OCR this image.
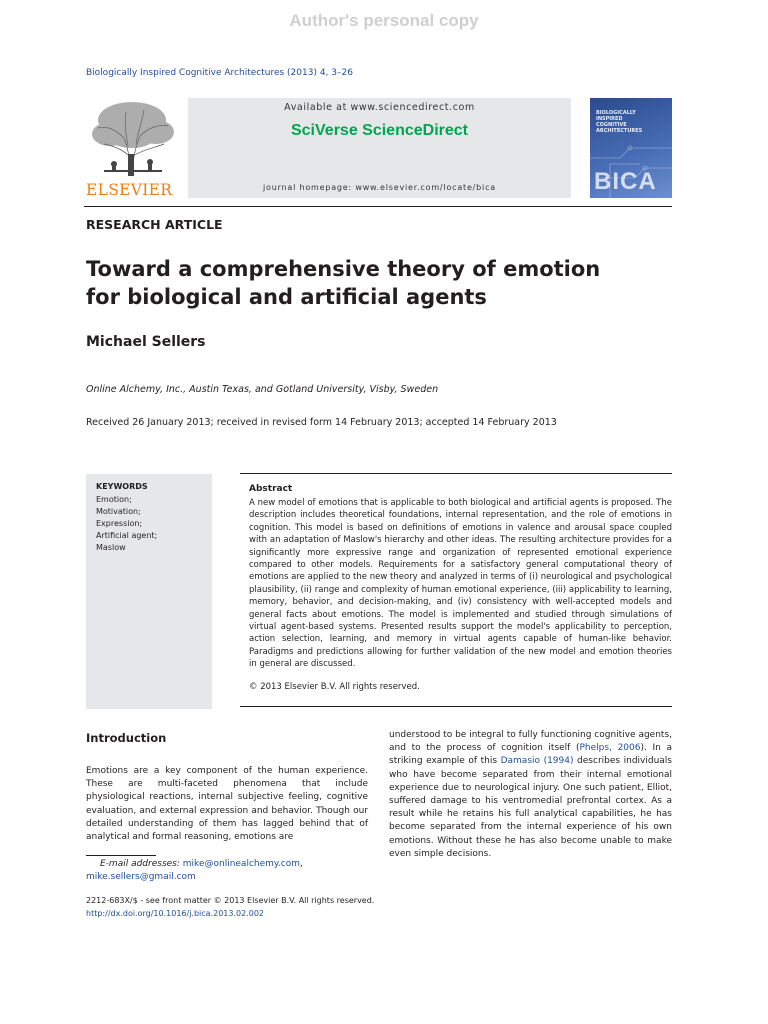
Author's personal copy
Biologically Inspired Cognitive Architectures (2013) 4, 3–26
ELSEVIER
Available at www.sciencedirect.com
SciVerse ScienceDirect
journal homepage: www.elsevier.com/locate/bica
BIOLOGICALLY
INSPIRED
COGNITIVE
ARCHITECTURES
BICA
RESEARCH ARTICLE
Toward a comprehensive theory of emotion
for biological and artificial agents
Michael Sellers
Online Alchemy, Inc., Austin Texas, and Gotland University, Visby, Sweden
Received 26 January 2013; received in revised form 14 February 2013; accepted 14 February 2013
KEYWORDS
Emotion;
Motivation;
Expression;
Artificial agent;
Maslow
Abstract
A new model of emotions that is applicable to both biological and artificial agents is proposed. The description includes theoretical foundations, internal representation, and the role of emotions in cognition. This model is based on definitions of emotions in valence and arousal space coupled with an adaptation of Maslow's hierarchy and other ideas. The resulting architecture provides for a significantly more expressive range and organization of represented emotional experience compared to other models. Requirements for a satisfactory general computational theory of emotions are applied to the new theory and analyzed in terms of (i) neurological and psychological plausibility, (ii) range and complexity of human emotional experience, (iii) applicability to learning, memory, behavior, and decision-making, and (iv) consistency with well-accepted models and general facts about emotions. The model is implemented and studied through simulations of virtual agent-based systems. Presented results support the model's applicability to perception, action selection, learning, and memory in virtual agents capable of human-like behavior. Paradigms and predictions allowing for further validation of the new model and emotion theories in general are discussed.
© 2013 Elsevier B.V. All rights reserved.
Introduction
Emotions are a key component of the human experience. These are multi-faceted phenomena that include physiological reactions, internal subjective feeling, cognitive evaluation, and external expression and behavior. Though our detailed understanding of them has lagged behind that of analytical and formal reasoning, emotions are
understood to be integral to fully functioning cognitive agents, and to the process of cognition itself (Phelps, 2006). In a striking example of this Damasio (1994) describes individuals who have become separated from their internal emotional experience due to neurological injury. One such patient, Elliot, suffered damage to his ventromedial prefrontal cortex. As a result while he retains his full analytical capabilities, he has become separated from the internal experience of his own emotions. Without these he has also become unable to make even simple decisions.
E-mail addresses: mike@onlinealchemy.com, mike.sellers@gmail.com
2212-683X/$ - see front matter © 2013 Elsevier B.V. All rights reserved.
http://dx.doi.org/10.1016/j.bica.2013.02.002
